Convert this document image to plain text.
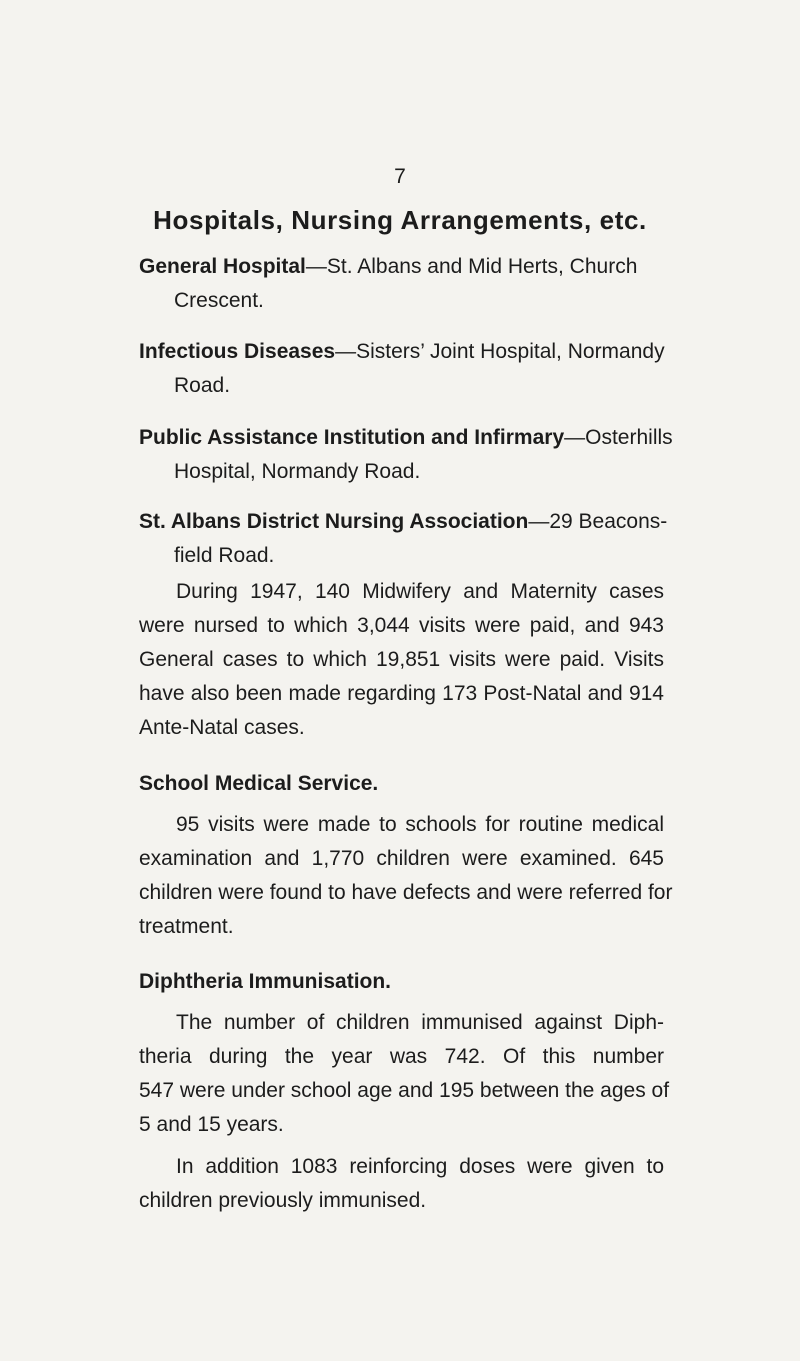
7
Hospitals, Nursing Arrangements, etc.
General Hospital—St. Albans and Mid Herts, Church
Crescent.
Infectious Diseases—Sisters’ Joint Hospital, Normandy
Road.
Public Assistance Institution and Infirmary—Osterhills
Hospital, Normandy Road.
St. Albans District Nursing Association—29 Beacons-
field Road.
During 1947, 140 Midwifery and Maternity cases
were nursed to which 3,044 visits were paid, and 943
General cases to which 19,851 visits were paid. Visits
have also been made regarding 173 Post-Natal and 914
Ante-Natal cases.
School Medical Service.
95 visits were made to schools for routine medical
examination and 1,770 children were examined. 645
children were found to have defects and were referred for
treatment.
Diphtheria Immunisation.
The number of children immunised against Diph-
theria during the year was 742. Of this number
547 were under school age and 195 between the ages of
5 and 15 years.
In addition 1083 reinforcing doses were given to
children previously immunised.
